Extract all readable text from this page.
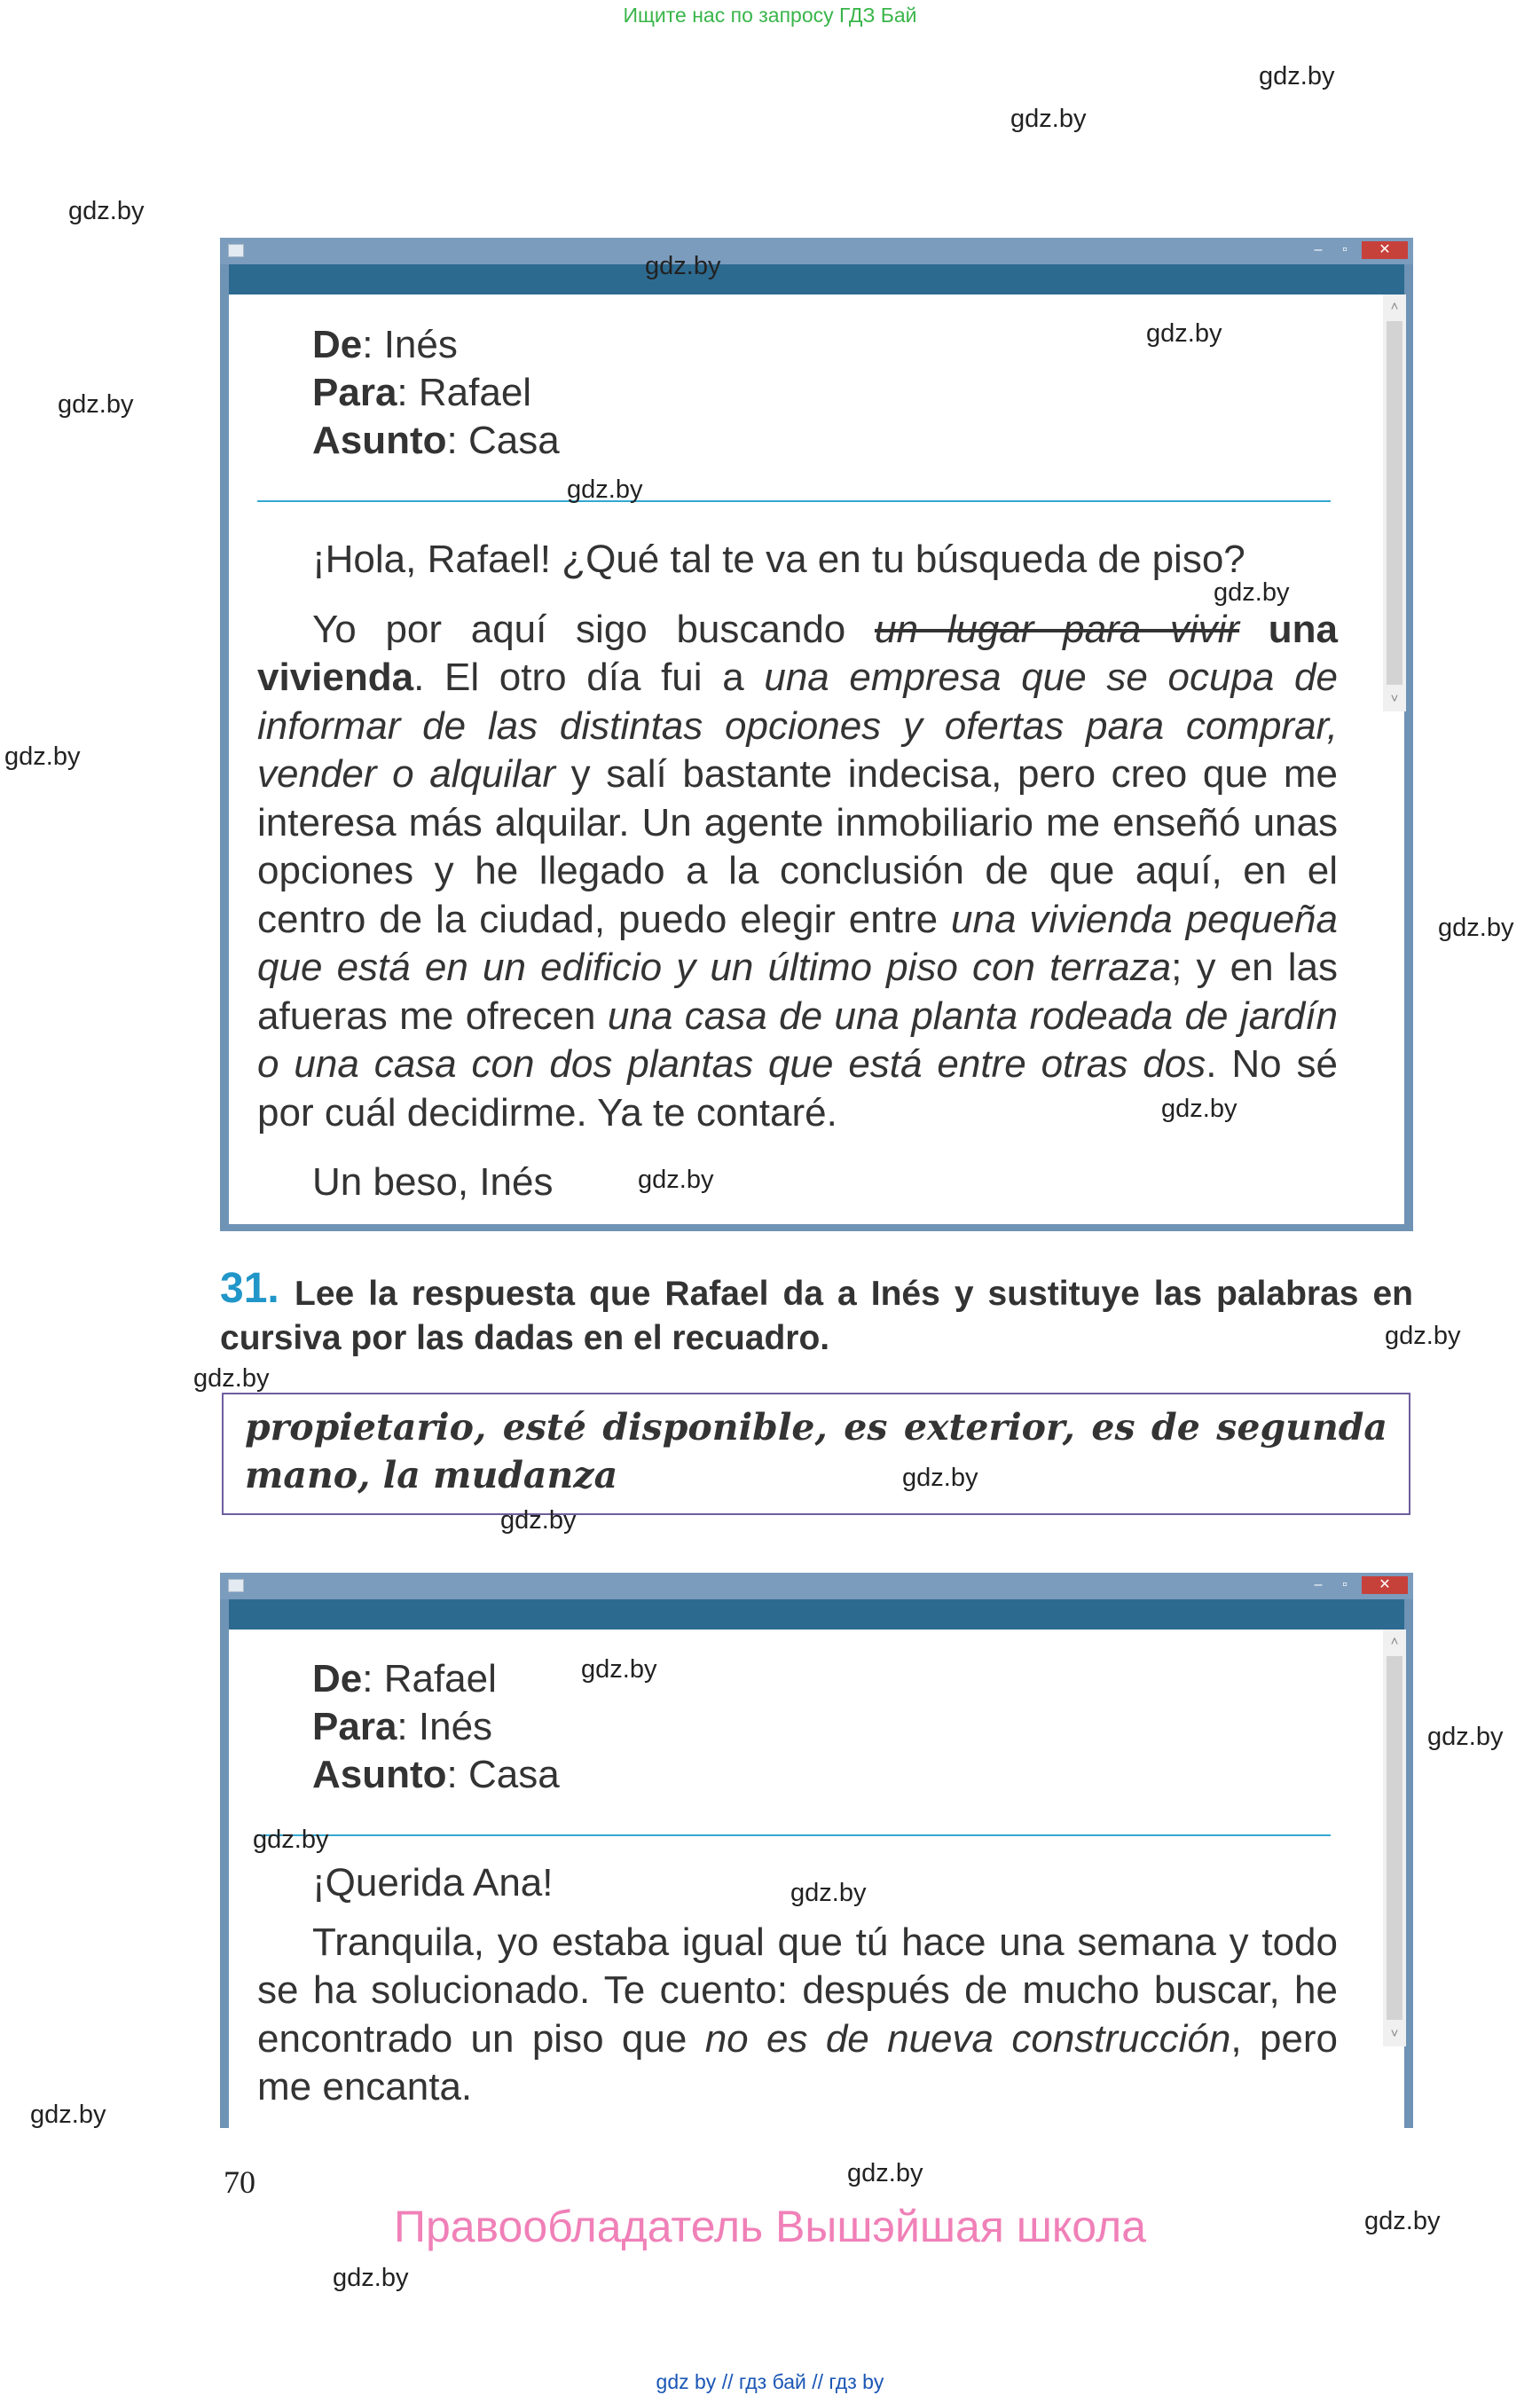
Ищите нас по запросу ГДЗ Бай
–	▫	✕
˄
˅
De: Inés
Para: Rafael
Asunto: Casa

¡Hola, Rafael! ¿Qué tal te va en tu búsqueda de piso?

Yo por aquí sigo buscando un lugar para vivir una vivienda. El otro día fui a una empresa que se ocupa de informar de las distintas opciones y ofertas para comprar, vender o alquilar y salí bastante indecisa, pero creo que me interesa más alquilar. Un agente inmobiliario me enseñó unas opciones y he llegado a la conclusión de que aquí, en el centro de la ciudad, puedo elegir entre una vivienda pequeña que está en un edificio y un último piso con terraza; y en las afueras me ofrecen una casa de una planta rodeada de jardín o una casa con dos plantas que está entre otras dos. No sé por cuál decidirme. Ya te contaré.

Un beso, Inés

31. Lee la respuesta que Rafael da a Inés y sustituye las palabras en cursiva por las dadas en el recuadro.
propietario, esté disponible, es exterior, es de segunda mano, la mudanza
–	▫	✕
˄
˅
De: Rafael
Para: Inés
Asunto: Casa

¡Querida Ana!

Tranquila, yo estaba igual que tú hace una semana y todo se ha solucionado. Te cuento: después de mucho buscar, he encontrado un piso que no es de nueva construcción, pero me encanta.

70
Правообладатель Вышэйшая школа
gdz by // гдз бай // гдз by
gdz.by
gdz.by
gdz.by
gdz.by
gdz.by
gdz.by
gdz.by
gdz.by
gdz.by
gdz.by
gdz.by
gdz.by
gdz.by
gdz.by
gdz.by
gdz.by
gdz.by
gdz.by
gdz.by
gdz.by
gdz.by
gdz.by
gdz.by
gdz.by
